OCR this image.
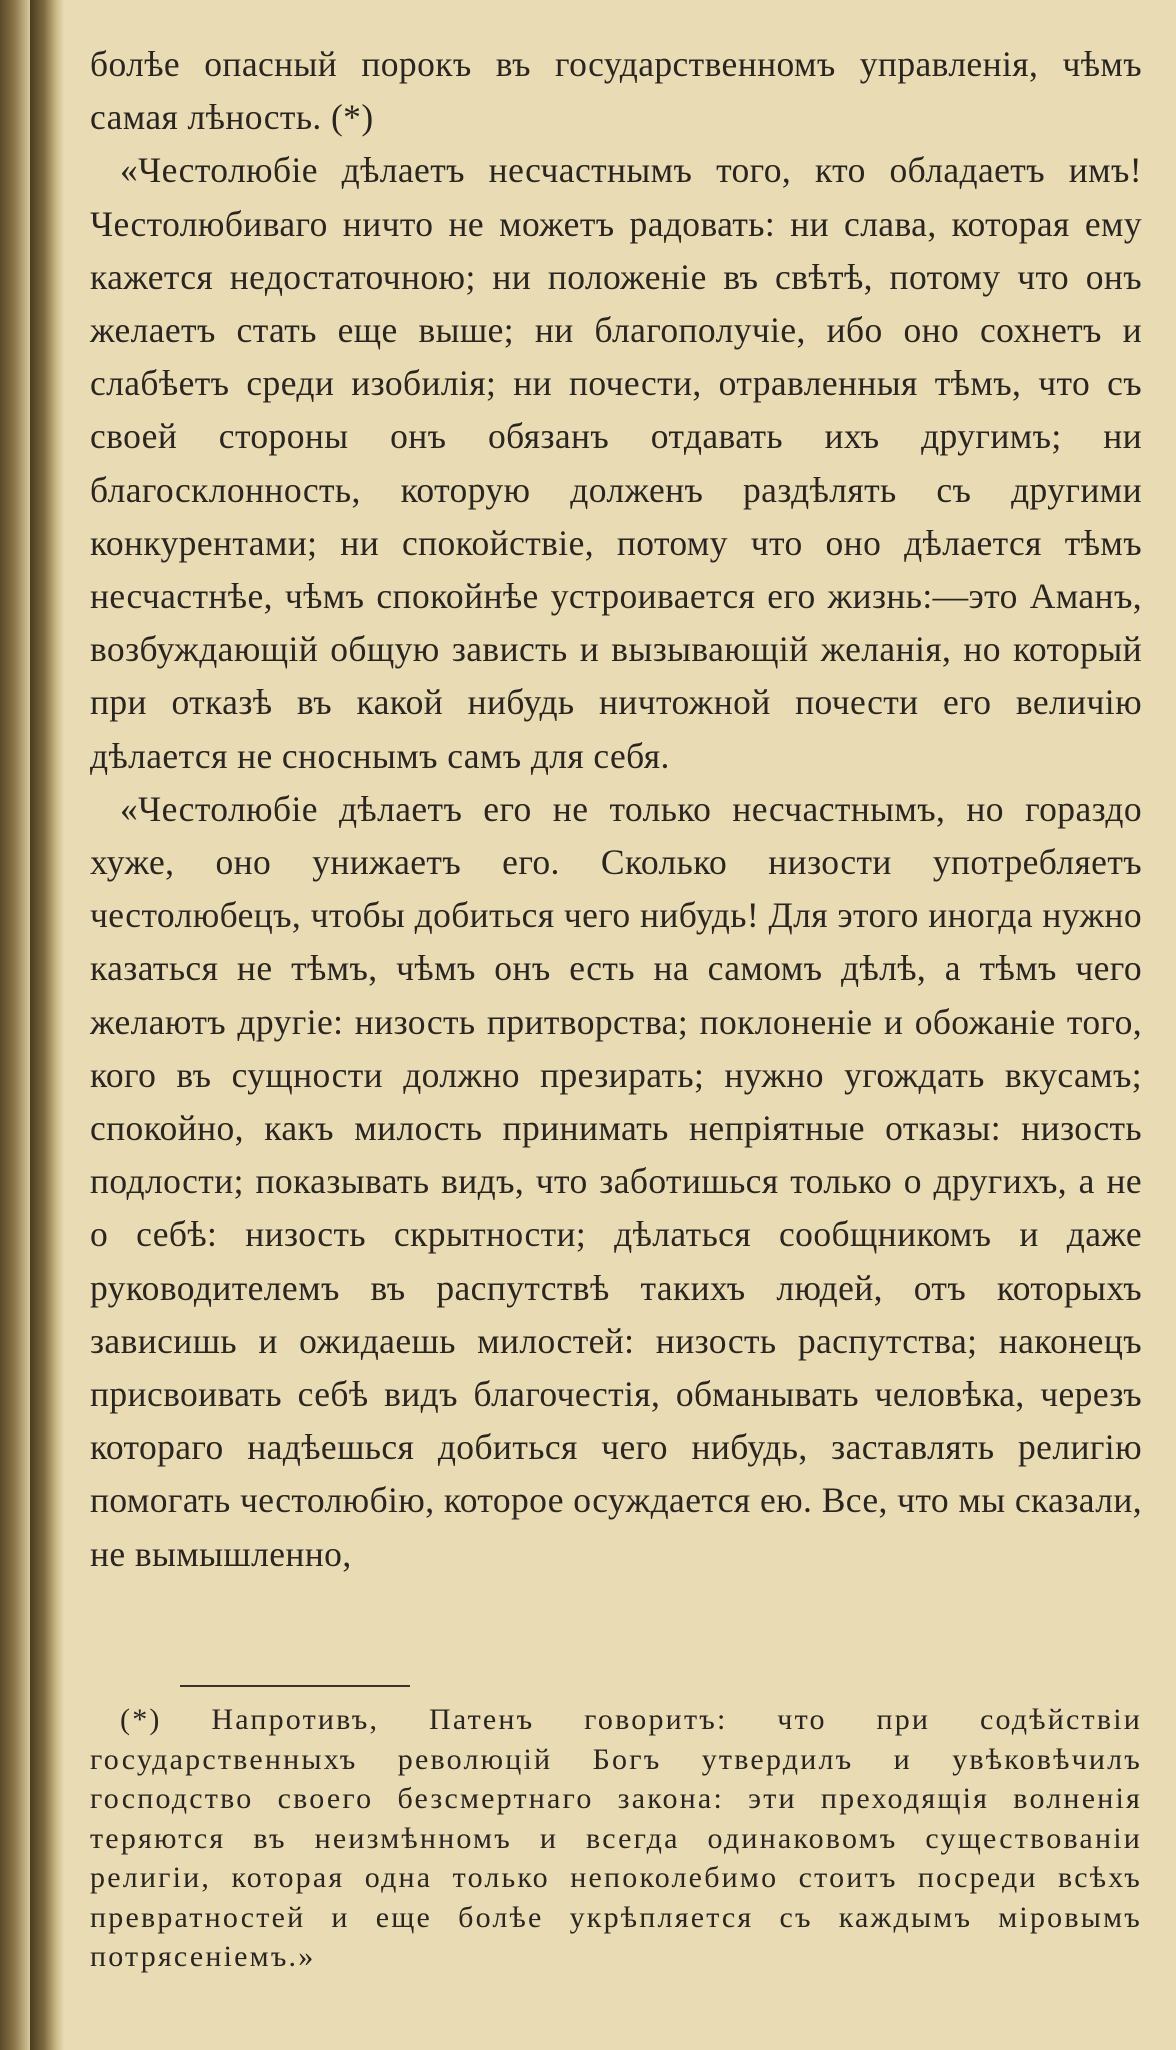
болѣе опасный порокъ въ государственномъ управленія, чѣмъ самая лѣность. (*)

«Честолюбіе дѣлаетъ несчастнымъ того, кто обладаетъ имъ! Честолюбиваго ничто не можетъ радовать: ни слава, которая ему кажется недостаточною; ни положеніе въ свѣтѣ, потому что онъ желаетъ стать еще выше; ни благополучіе, ибо оно сохнетъ и слабѣетъ среди изобилія; ни почести, отравленныя тѣмъ, что съ своей стороны онъ обязанъ отдавать ихъ другимъ; ни благосклонность, которую долженъ раздѣлять съ другими конкурентами; ни спокойствіе, потому что оно дѣлается тѣмъ несчастнѣе, чѣмъ спокойнѣе устроивается его жизнь:—это Аманъ, возбуждающій общую зависть и вызывающій желанія, но который при отказѣ въ какой нибудь ничтожной почести его величію дѣлается не сноснымъ самъ для себя.

«Честолюбіе дѣлаетъ его не только несчастнымъ, но гораздо хуже, оно унижаетъ его. Сколько низости употребляетъ честолюбецъ, чтобы добиться чего нибудь! Для этого иногда нужно казаться не тѣмъ, чѣмъ онъ есть на самомъ дѣлѣ, а тѣмъ чего желаютъ другіе: низость притворства; поклоненіе и обожаніе того, кого въ сущности должно презирать; нужно угождать вкусамъ; спокойно, какъ милость принимать непріятные отказы: низость подлости; показывать видъ, что заботишься только о другихъ, а не о себѣ: низость скрытности; дѣлаться сообщникомъ и даже руководителемъ въ распутствѣ такихъ людей, отъ которыхъ зависишь и ожидаешь милостей: низость распутства; наконецъ присвоивать себѣ видъ благочестія, обманывать человѣка, черезъ котораго надѣешься добиться чего нибудь, заставлять религію помогать честолюбію, которое осуждается ею. Все, что мы сказали, не вымышленно,

(*) Напротивъ, Патенъ говоритъ: что при содѣйствіи государственныхъ революцій Богъ утвердилъ и увѣковѣчилъ господство своего безсмертнаго закона: эти преходящія волненія теряются въ неизмѣнномъ и всегда одинаковомъ существованіи религіи, которая одна только непоколебимо стоитъ посреди всѣхъ превратностей и еще болѣе укрѣпляется съ каждымъ міровымъ потрясеніемъ.»
